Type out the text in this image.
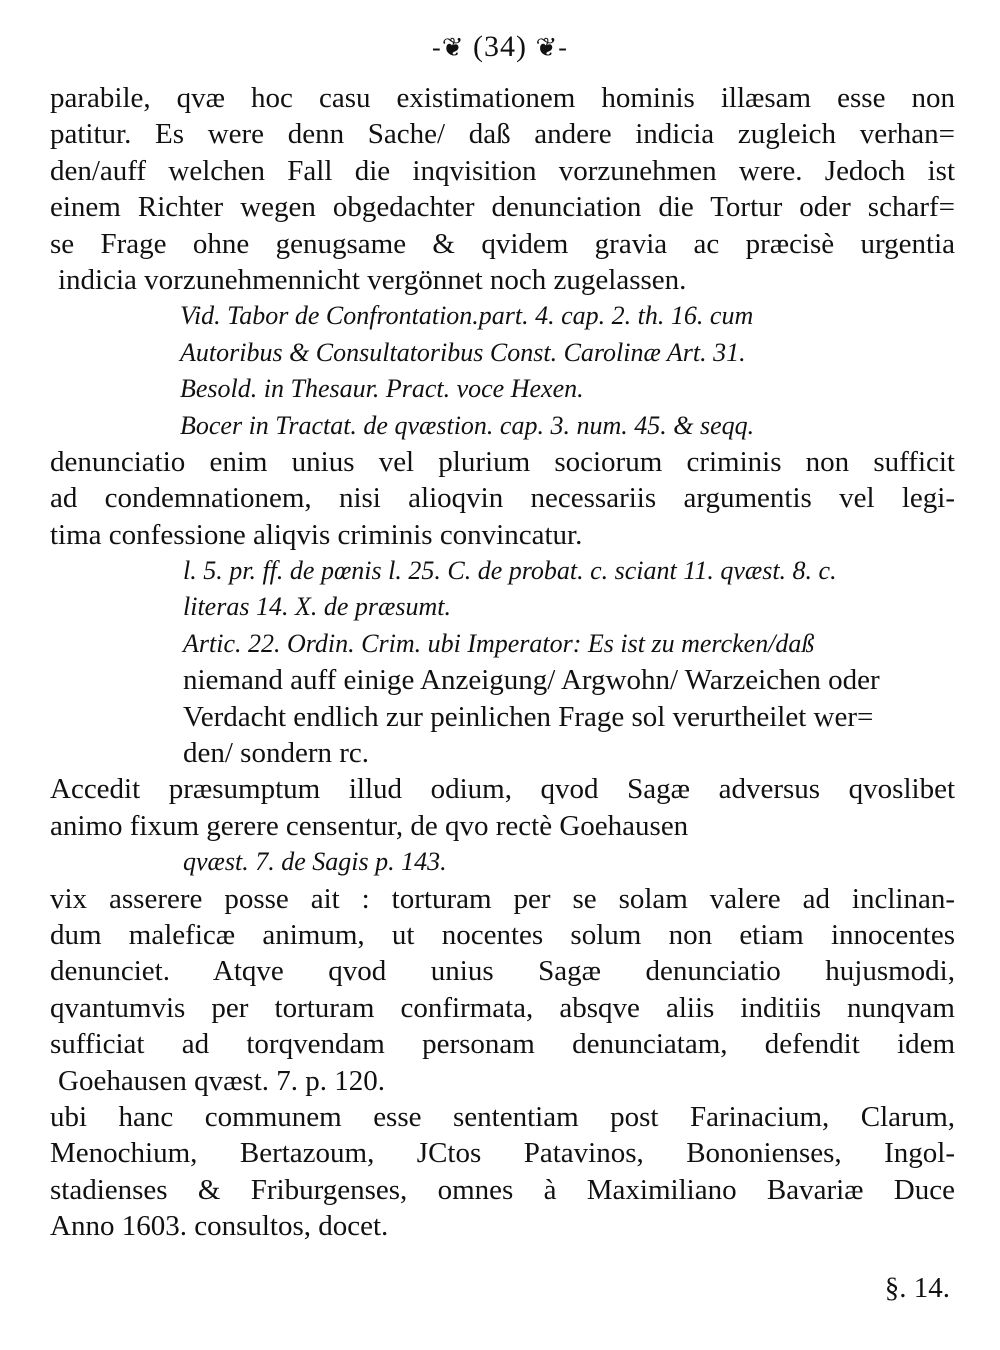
-❦ (34) ❦-
parabile, qvæ hoc casu existimationem hominis illæsam esse non
patitur. Es were denn Sache/ daß andere indicia zugleich verhan=
den/auff welchen Fall die inqvisition vorzunehmen were. Jedoch ist
einem Richter wegen obgedachter denunciation die Tortur oder scharf=
se Frage ohne genugsame & qvidem gravia ac præcisè urgentia
indicia vorzunehmennicht vergönnet noch zugelassen.
Vid. Tabor de Confrontation.part. 4. cap. 2. th. 16. cum
Autoribus & Consultatoribus Const. Carolinæ Art. 31.
Besold. in Thesaur. Pract. voce Hexen.
Bocer in Tractat. de qvæstion. cap. 3. num. 45. & seqq.
denunciatio enim unius vel plurium sociorum criminis non sufficit
ad condemnationem, nisi alioqvin necessariis argumentis vel legi-
tima confessione aliqvis criminis convincatur.
l. 5. pr. ff. de pœnis l. 25. C. de probat. c. sciant 11. qvæst. 8. c.
literas 14. X. de præsumt.
Artic. 22. Ordin. Crim. ubi Imperator: Es ist zu mercken/daß
niemand auff einige Anzeigung/ Argwohn/ Warzeichen oder
Verdacht endlich zur peinlichen Frage sol verurtheilet wer=
den/ sondern rc.
Accedit præsumptum illud odium, qvod Sagæ adversus qvoslibet
animo fixum gerere censentur, de qvo rectè Goehausen
qvæst. 7. de Sagis p. 143.
vix asserere posse ait : torturam per se solam valere ad inclinan-
dum maleficæ animum, ut nocentes solum non etiam innocentes
denunciet. Atqve qvod unius Sagæ denunciatio hujusmodi,
qvantumvis per torturam confirmata, absqve aliis inditiis nunqvam
sufficiat ad torqvendam personam denunciatam, defendit idem
Goehausen qvæst. 7. p. 120.
ubi hanc communem esse sententiam post Farinacium, Clarum,
Menochium, Bertazoum, JCtos Patavinos, Bononienses, Ingol-
stadienses & Friburgenses, omnes à Maximiliano Bavariæ Duce
Anno 1603. consultos, docet.
§. 14.
